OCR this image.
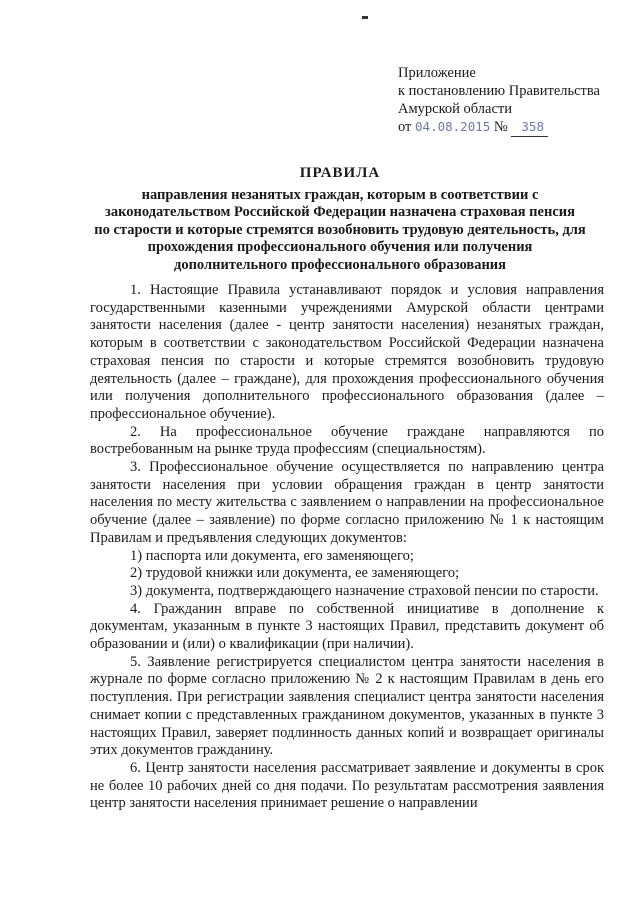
Приложение
к постановлению Правительства
Амурской области
от 04.08.2015 № 358
ПРАВИЛА
направления незанятых граждан, которым в соответствии с
законодательством Российской Федерации назначена страховая пенсия
по старости и которые стремятся возобновить трудовую деятельность, для
прохождения профессионального обучения или получения
дополнительного профессионального образования

1. Настоящие Правила устанавливают порядок и условия направления государственными казенными учреждениями Амурской области центрами занятости населения (далее - центр занятости населения) незанятых граждан, которым в соответствии с законодательством Российской Федерации назначена страховая пенсия по старости и которые стремятся возобновить трудовую деятельность (далее – граждане), для прохождения профессионального обучения или получения дополнительного профессионального образования (далее – профессиональное обучение).

2. На профессиональное обучение граждане направляются по востребованным на рынке труда профессиям (специальностям).

3. Профессиональное обучение осуществляется по направлению центра занятости населения при условии обращения граждан в центр занятости населения по месту жительства с заявлением о направлении на профессиональное обучение (далее – заявление) по форме согласно приложению № 1 к настоящим Правилам и предъявления следующих документов:

1) паспорта или документа, его заменяющего;

2) трудовой книжки или документа, ее заменяющего;

3) документа, подтверждающего назначение страховой пенсии по старости.

4. Гражданин вправе по собственной инициативе в дополнение к документам, указанным в пункте 3 настоящих Правил, представить документ об образовании и (или) о квалификации (при наличии).

5. Заявление регистрируется специалистом центра занятости населения в журнале по форме согласно приложению № 2 к настоящим Правилам в день его поступления. При регистрации заявления специалист центра занятости населения снимает копии с представленных гражданином документов, указанных в пункте 3 настоящих Правил, заверяет подлинность данных копий и возвращает оригиналы этих документов гражданину.

6. Центр занятости населения рассматривает заявление и документы в срок не более 10 рабочих дней со дня подачи. По результатам рассмотрения заявления центр занятости населения принимает решение о направлении
